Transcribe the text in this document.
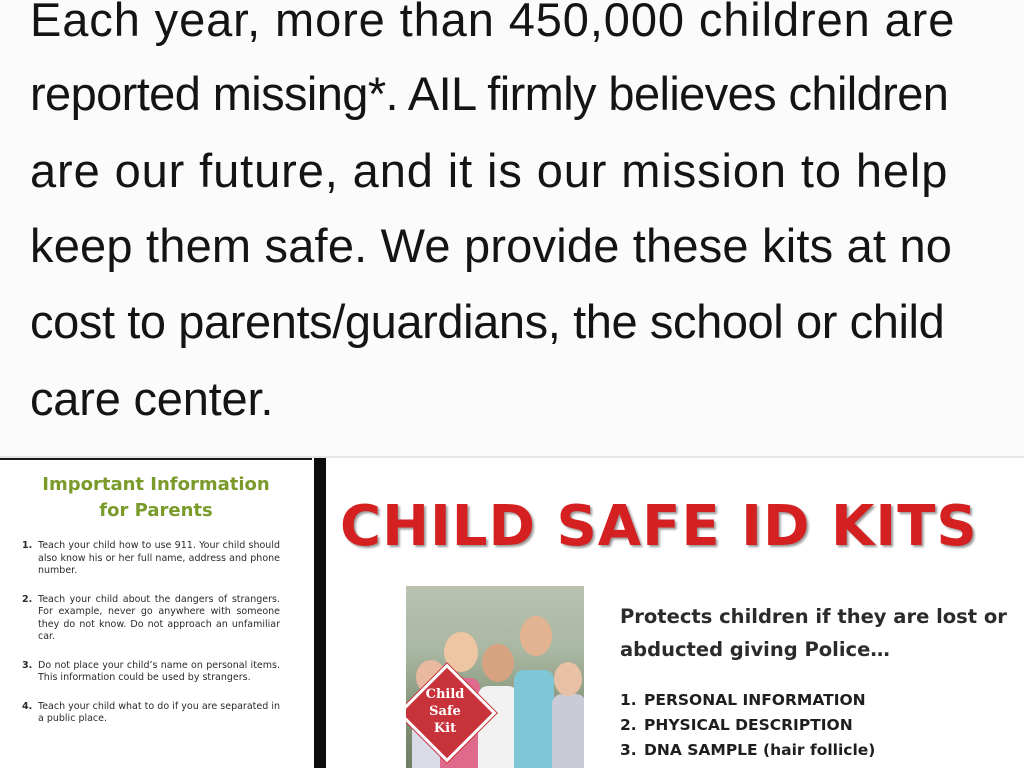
Each year, more than 450,000 children are
reported missing*. AIL firmly believes children
are our future, and it is our mission to help
keep them safe. We provide these kits at no
cost to parents/guardians, the school or child
care center.
Important Information
for Parents
1. Teach your child how to use 911. Your child should also know his or her full name, address and phone number.
2. Teach your child about the dangers of strangers. For example, never go anywhere with someone they do not know. Do not approach an unfamiliar car.
3. Do not place your child’s name on personal items. This information could be used by strangers.
4. Teach your child what to do if you are separated in a public place.
CHILD SAFE ID KITS
Child
Safe
Kit
Protects children if they are lost or
abducted giving Police…
1. PERSONAL INFORMATION
2. PHYSICAL DESCRIPTION
3. DNA SAMPLE (hair follicle)
